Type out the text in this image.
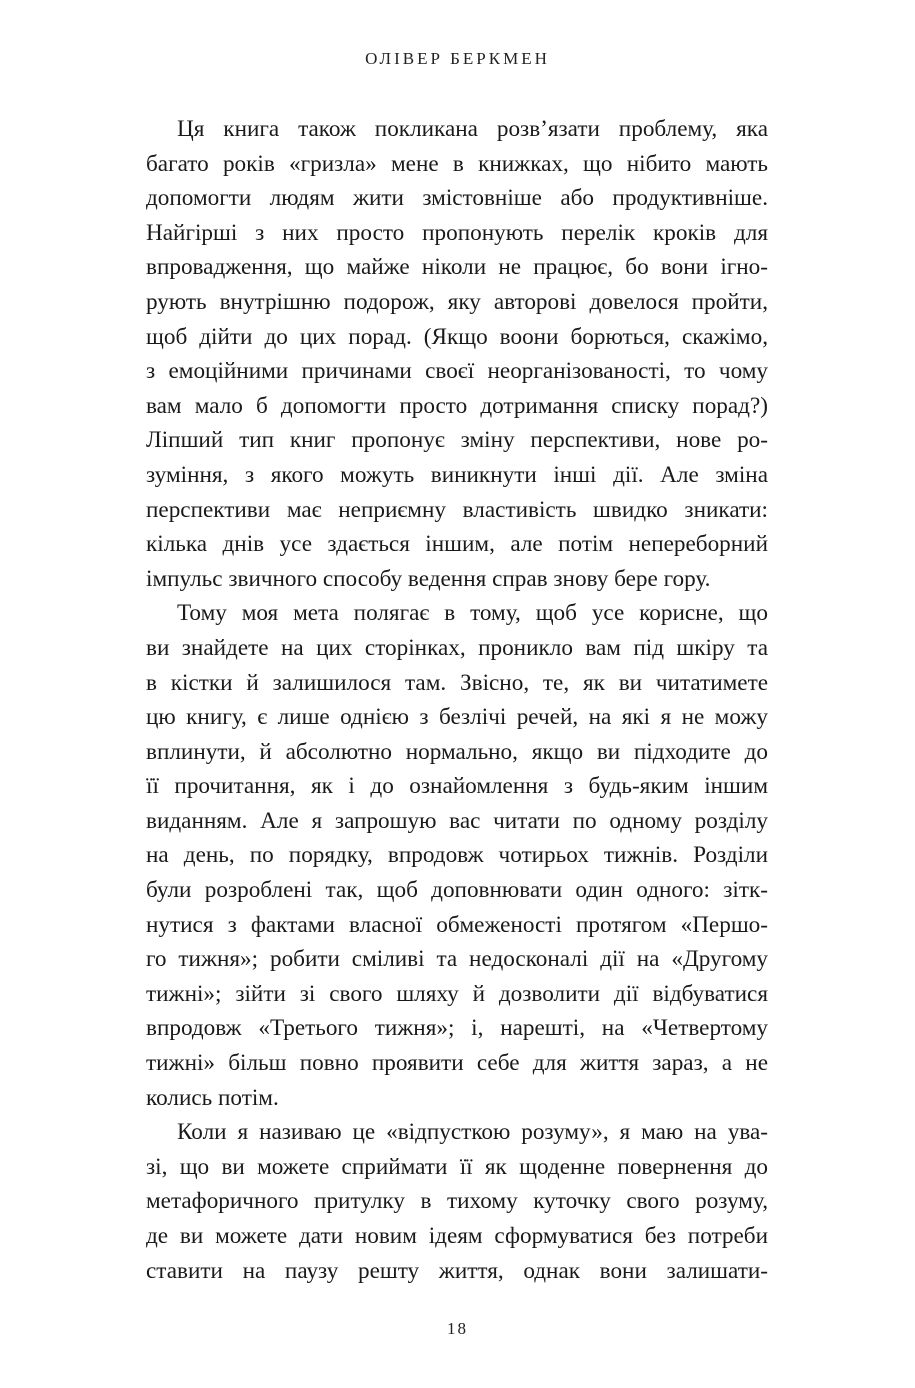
ОЛІВЕР БЕРКМЕН

Ця книга також покликана розв’язати проблему, яка
багато років «гризла» мене в книжках, що нібито мають
допомогти людям жити змістовніше або продуктивніше.
Найгірші з них просто пропонують перелік кроків для
впровадження, що майже ніколи не працює, бо вони ігно-
рують внутрішню подорож, яку авторові довелося пройти,
щоб дійти до цих порад. (Якщо воони борються, скажімо,
з емоційними причинами своєї неорганізованості, то чому
вам мало б допомогти просто дотримання списку порад?)
Ліпший тип книг пропонує зміну перспективи, нове ро-
зуміння, з якого можуть виникнути інші дії. Але зміна
перспективи має неприємну властивість швидко зникати:
кілька днів усе здається іншим, але потім непереборний
імпульс звичного способу ведення справ знову бере гору.

Тому моя мета полягає в тому, щоб усе корисне, що
ви знайдете на цих сторінках, проникло вам під шкіру та
в кістки й залишилося там. Звісно, те, як ви читатимете
цю книгу, є лише однією з безлічі речей, на які я не можу
вплинути, й абсолютно нормально, якщо ви підходите до
її прочитання, як і до ознайомлення з будь-яким іншим
виданням. Але я запрошую вас читати по одному розділу
на день, по порядку, впродовж чотирьох тижнів. Розділи
були розроблені так, щоб доповнювати один одного: зітк-
нутися з фактами власної обмеженості протягом «Першо-
го тижня»; робити сміливі та недосконалі дії на «Другому
тижні»; зійти зі свого шляху й дозволити дії відбуватися
впродовж «Третього тижня»; і, нарешті, на «Четвертому
тижні» більш повно проявити себе для життя зараз, а не
колись потім.

Коли я називаю це «відпусткою розуму», я маю на ува-
зі, що ви можете сприймати її як щоденне повернення до
метафоричного притулку в тихому куточку свого розуму,
де ви можете дати новим ідеям сформуватися без потреби
ставити на паузу решту життя, однак вони залишати-

18
